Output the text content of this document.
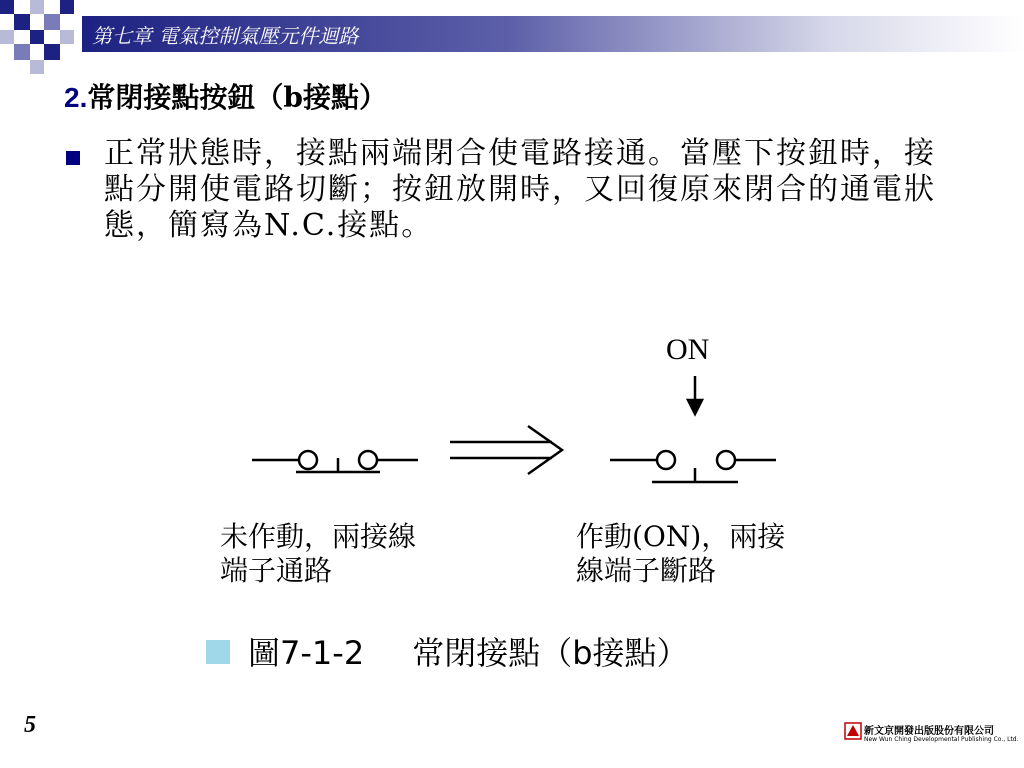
第七章 電氣控制氣壓元件迴路
2.常閉接點按鈕（b接點）
正常狀態時，接點兩端閉合使電路接通。當壓下按鈕時，接點分開使電路切斷；按鈕放開時，又回復原來閉合的通電狀態，簡寫為N.C.接點。
ON
未作動，兩接線
端子通路
作動(ON)，兩接
線端子斷路
圖7-1-2 常閉接點（b接點）
5	新文京開發出版股份有限公司
New Wun Ching Developmental Publishing Co., Ltd.
